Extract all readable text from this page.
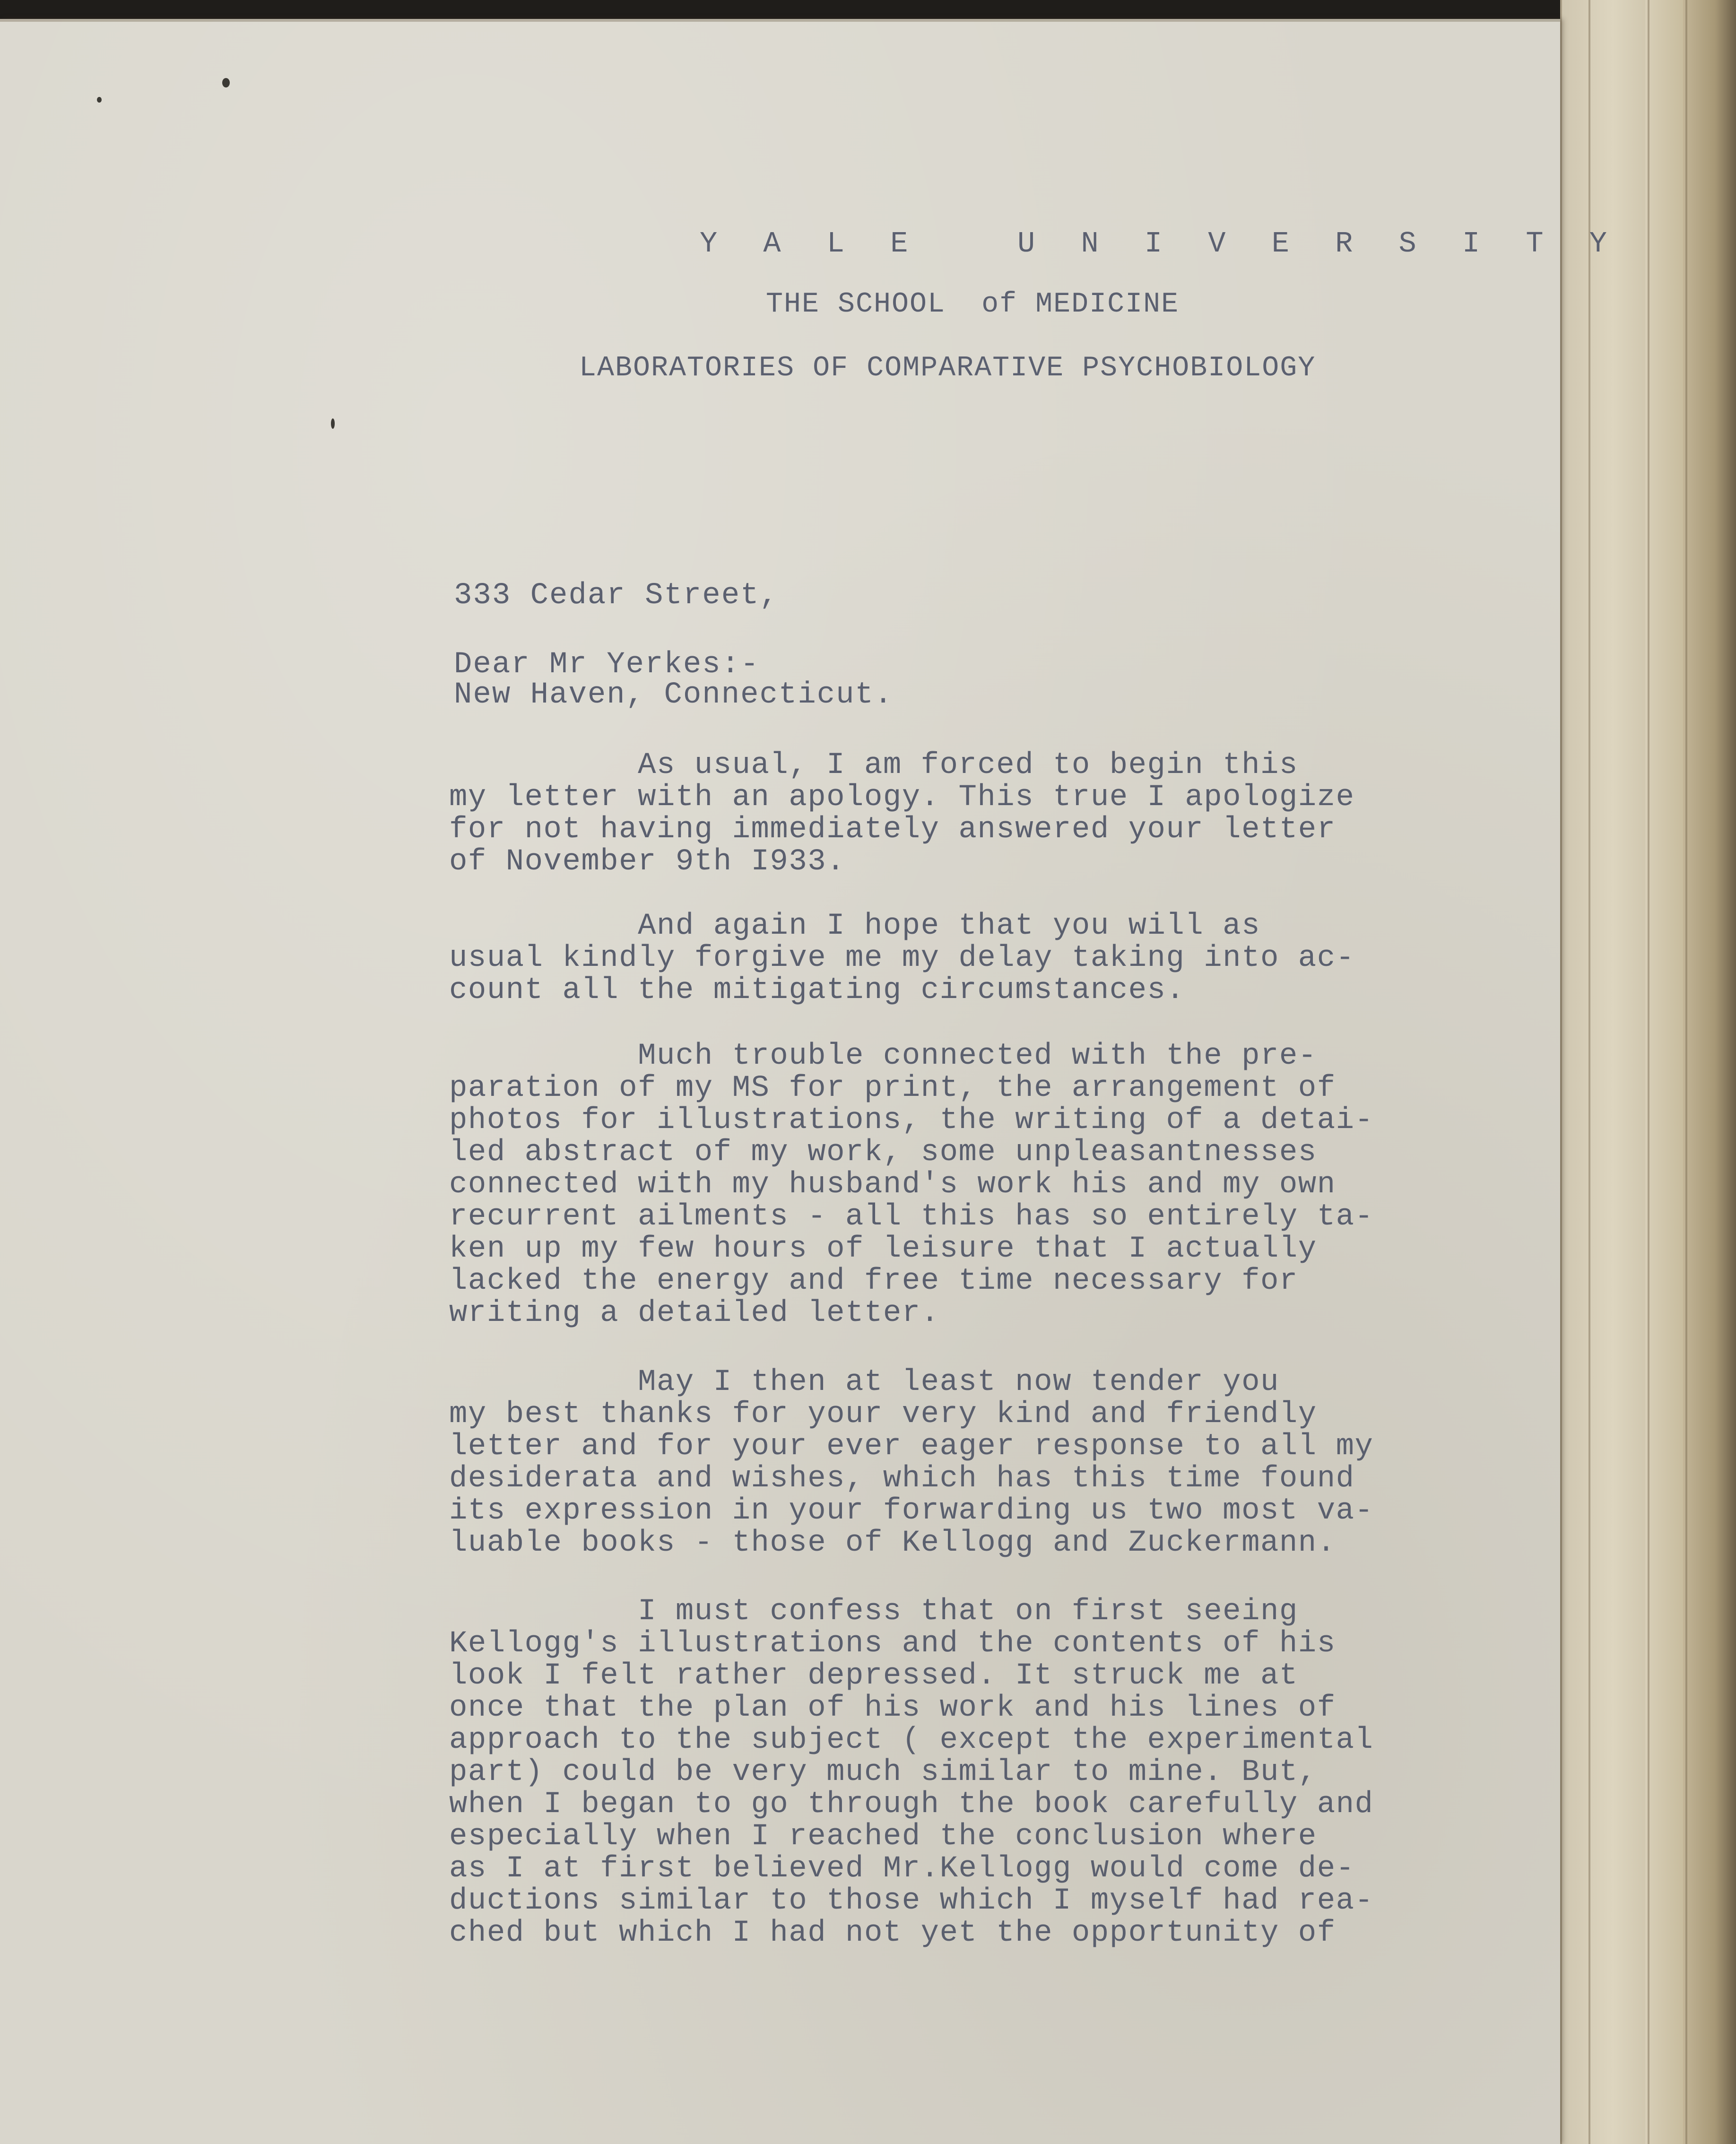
Y A L E   U N I V E R S I T Y
THE SCHOOL  of MEDICINE
LABORATORIES OF COMPARATIVE PSYCHOBIOLOGY

333 Cedar Street,

New Haven, Connecticut.

Dear Mr Yerkes:-
As usual, I am forced to begin this
my letter with an apology. This true I apologize
for not having immediately answered your letter
of November 9th I933.
And again I hope that you will as
usual kindly forgive me my delay taking into ac-
count all the mitigating circumstances.
Much trouble connected with the pre-
paration of my MS for print, the arrangement of
photos for illustrations, the writing of a detai-
led abstract of my work, some unpleasantnesses
connected with my husband's work his and my own
recurrent ailments - all this has so entirely ta-
ken up my few hours of leisure that I actually
lacked the energy and free time necessary for
writing a detailed letter.
May I then at least now tender you
my best thanks for your very kind and friendly
letter and for your ever eager response to all my
desiderata and wishes, which has this time found
its expression in your forwarding us two most va-
luable books - those of Kellogg and Zuckermann.
I must confess that on first seeing
Kellogg's illustrations and the contents of his
look I felt rather depressed. It struck me at
once that the plan of his work and his lines of
approach to the subject ( except the experimental
part) could be very much similar to mine. But,
when I began to go through the book carefully and
especially when I reached the conclusion where
as I at first believed Mr.Kellogg would come de-
ductions similar to those which I myself had rea-
ched but which I had not yet the opportunity of
